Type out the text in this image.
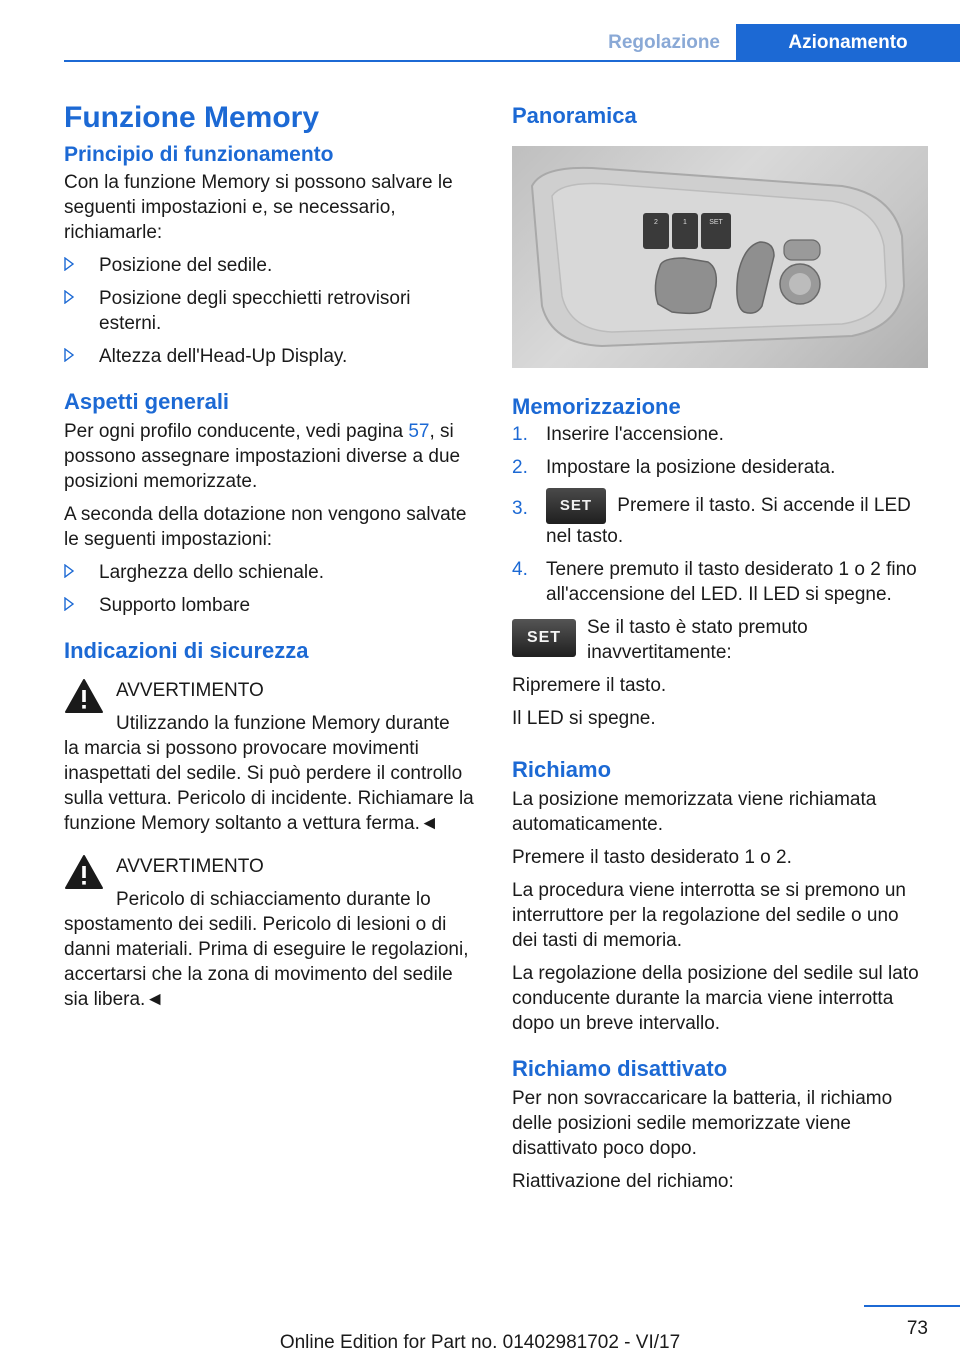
Regolazione	Azionamento
Funzione Memory
Principio di funzionamento

Con la funzione Memory si possono salvare le seguenti impostazioni e, se necessario, richiamarle:

Posizione del sedile.
Posizione degli specchietti retrovisori esterni.
Altezza dell'Head-Up Display.
Aspetti generali

Per ogni profilo conducente, vedi pagina 57, si possono assegnare impostazioni diverse a due posizioni memorizzate.

A seconda della dotazione non vengono salvate le seguenti impostazioni:

Larghezza dello schienale.
Supporto lombare
Indicazioni di sicurezza
AVVERTIMENTO
Utilizzando la funzione Memory durante

la marcia si possono provocare movimenti inaspettati del sedile. Si può perdere il controllo sulla vettura. Pericolo di incidente. Richiamare la funzione Memory soltanto a vettura ferma.◄

AVVERTIMENTO
Pericolo di schiacciamento durante lo

spostamento dei sedili. Pericolo di lesioni o di danni materiali. Prima di eseguire le regolazioni, accertarsi che la zona di movimento del sedile sia libera.◄

Panoramica
2	1	SET
Memorizzazione
1. Inserire l'accensione.
2. Impostare la posizione desiderata.
3. SET Premere il tasto. Si accende il LED nel tasto.
4. Tenere premuto il tasto desiderato 1 o 2 fino all'accensione del LED. Il LED si spegne.
SET	Se il tasto è stato premuto inavvertitamente:

Ripremere il tasto.

Il LED si spegne.

Richiamo

La posizione memorizzata viene richiamata automaticamente.

Premere il tasto desiderato 1 o 2.

La procedura viene interrotta se si premono un interruttore per la regolazione del sedile o uno dei tasti di memoria.

La regolazione della posizione del sedile sul lato conducente durante la marcia viene interrotta dopo un breve intervallo.

Richiamo disattivato

Per non sovraccaricare la batteria, il richiamo delle posizioni sedile memorizzate viene disattivato poco dopo.

Riattivazione del richiamo:

73
Online Edition for Part no. 01402981702 - VI/17
